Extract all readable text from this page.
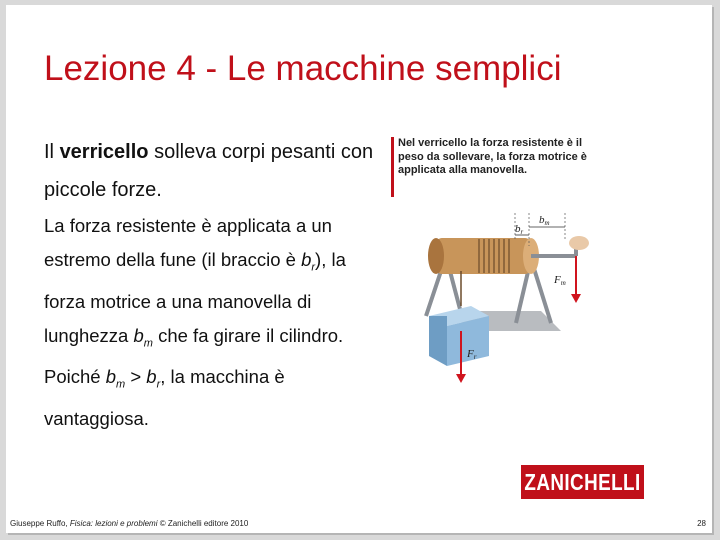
Lezione 4 - Le macchine semplici

Il verricello solleva corpi pesanti con piccole forze.

La forza resistente è applicata a un estremo della fune (il braccio è $b_r$), la forza motrice a una manovella di lunghezza $b_m$ che fa girare il cilindro.

Poiché $b_m > b_r$, la macchina è vantaggiosa.

Nel verricello la forza resistente è il peso da sollevare, la forza motrice è applicata alla manovella.
br
bm
Fm
Fr
ZANICHELLI
Giuseppe Ruffo, Fisica: lezioni e problemi © Zanichelli editore 2010	28
